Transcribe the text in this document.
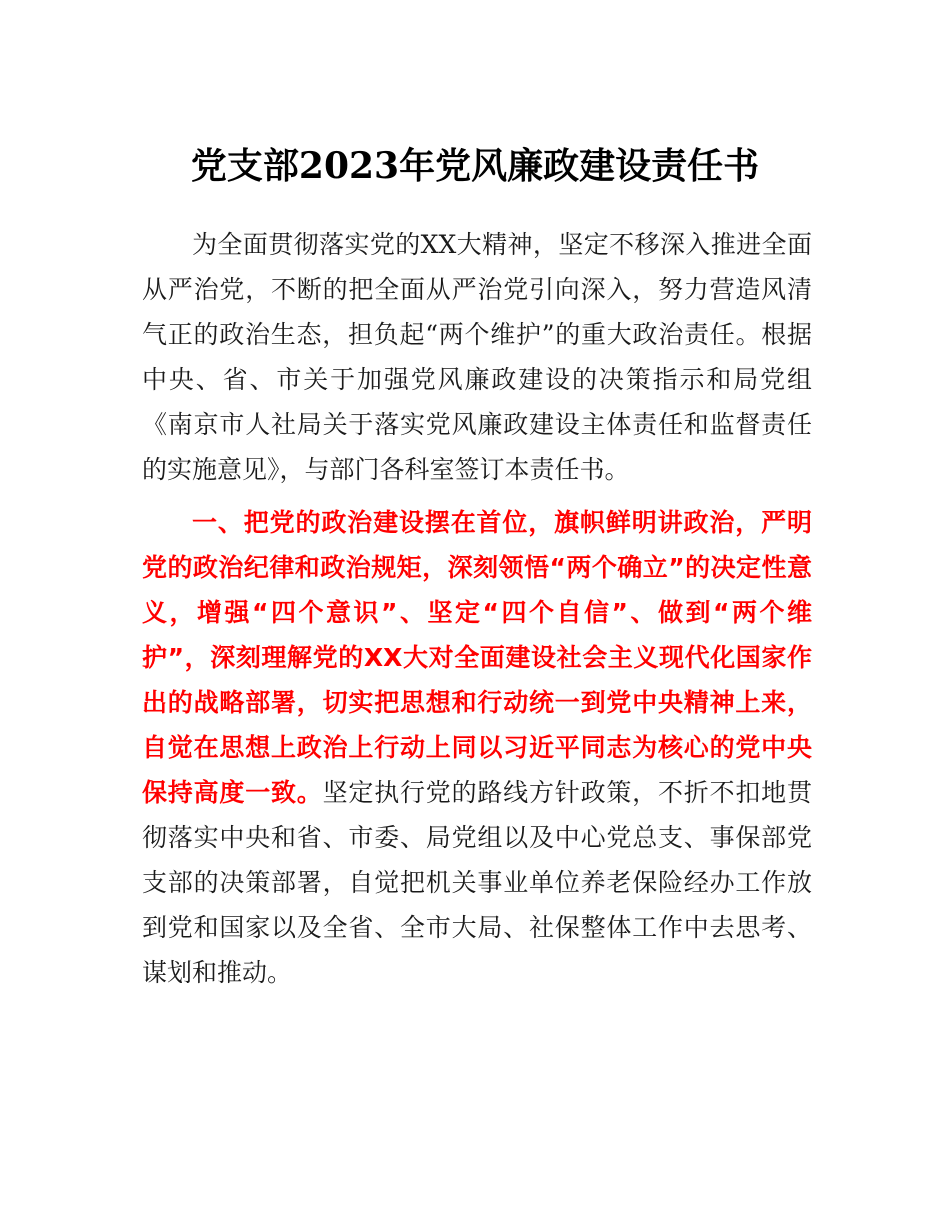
党支部2023年党风廉政建设责任书

为全面贯彻落实党的XX大精神，坚定不移深入推进全面从严治党，不断的把全面从严治党引向深入，努力营造风清气正的政治生态，担负起“两个维护”的重大政治责任。根据中央、省、市关于加强党风廉政建设的决策指示和局党组《南京市人社局关于落实党风廉政建设主体责任和监督责任的实施意见》，与部门各科室签订本责任书。

一、把党的政治建设摆在首位，旗帜鲜明讲政治，严明党的政治纪律和政治规矩，深刻领悟“两个确立”的决定性意义，增强“四个意识”、坚定“四个自信”、做到“两个维护”，深刻理解党的XX大对全面建设社会主义现代化国家作出的战略部署，切实把思想和行动统一到党中央精神上来，自觉在思想上政治上行动上同以习近平同志为核心的党中央保持高度一致。坚定执行党的路线方针政策，不折不扣地贯彻落实中央和省、市委、局党组以及中心党总支、事保部党支部的决策部署，自觉把机关事业单位养老保险经办工作放到党和国家以及全省、全市大局、社保整体工作中去思考、谋划和推动。
